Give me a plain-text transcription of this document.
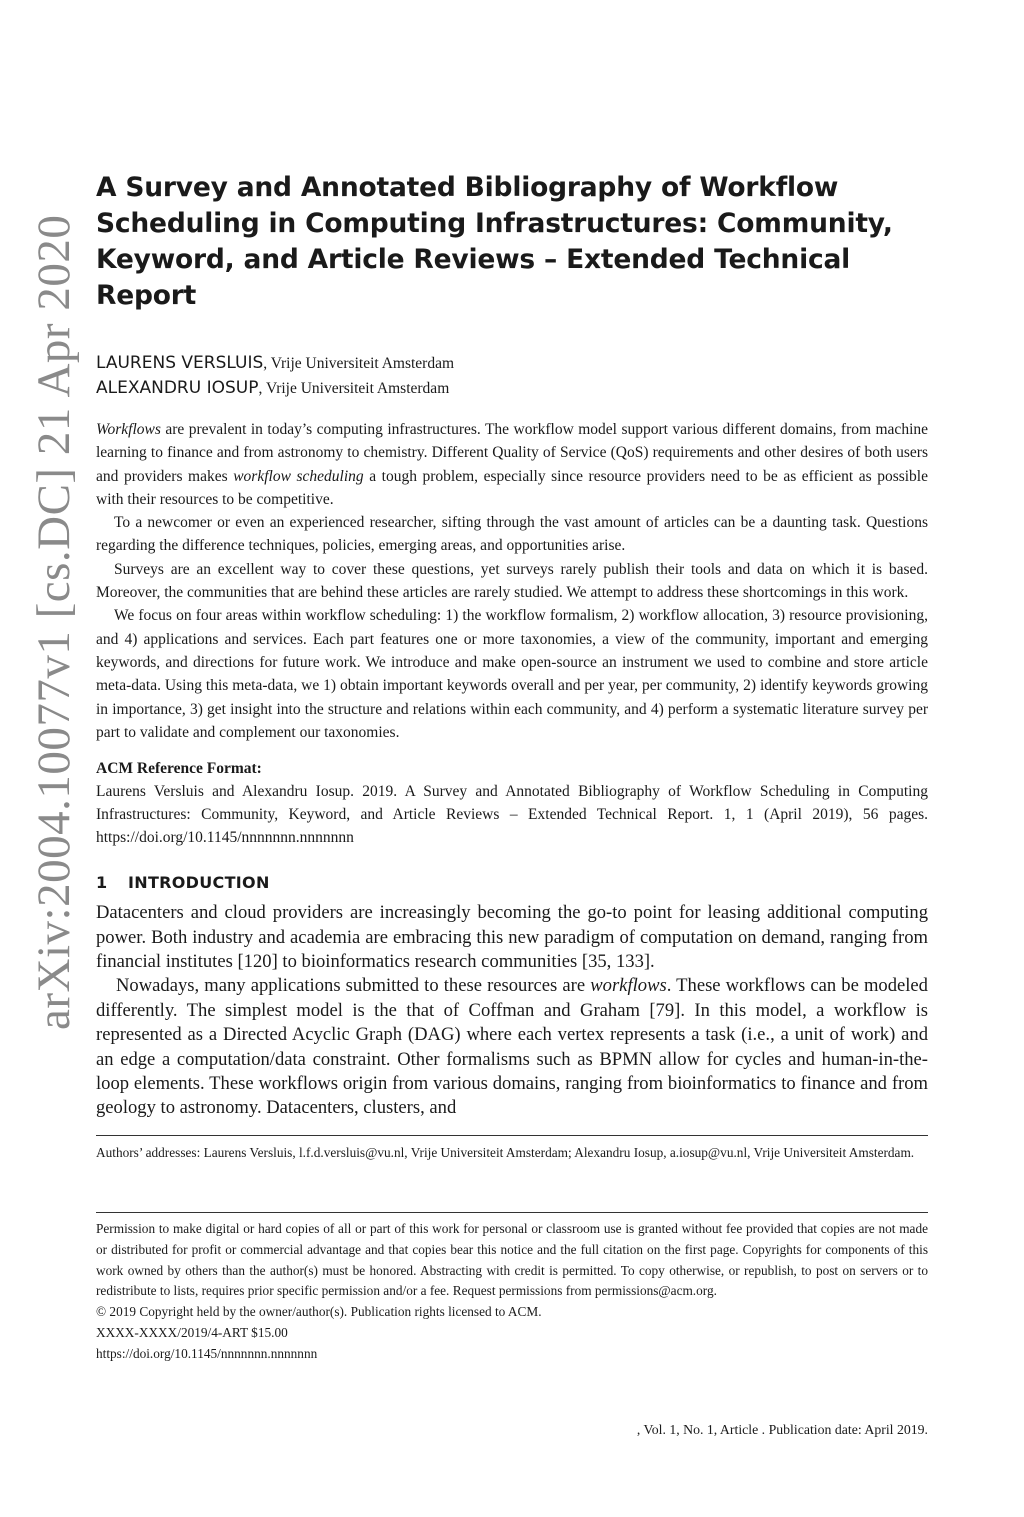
arXiv:2004.10077v1 [cs.DC] 21 Apr 2020
A Survey and Annotated Bibliography of Workflow
Scheduling in Computing Infrastructures: Community,
Keyword, and Article Reviews – Extended Technical Report
LAURENS VERSLUIS, Vrije Universiteit Amsterdam
ALEXANDRU IOSUP, Vrije Universiteit Amsterdam

Workflows are prevalent in today’s computing infrastructures. The workflow model support various different domains, from machine learning to finance and from astronomy to chemistry. Different Quality of Service (QoS) requirements and other desires of both users and providers makes workflow scheduling a tough problem, especially since resource providers need to be as efficient as possible with their resources to be competitive.

To a newcomer or even an experienced researcher, sifting through the vast amount of articles can be a daunting task. Questions regarding the difference techniques, policies, emerging areas, and opportunities arise.

Surveys are an excellent way to cover these questions, yet surveys rarely publish their tools and data on which it is based. Moreover, the communities that are behind these articles are rarely studied. We attempt to address these shortcomings in this work.

We focus on four areas within workflow scheduling: 1) the workflow formalism, 2) workflow allocation, 3) resource provisioning, and 4) applications and services. Each part features one or more taxonomies, a view of the community, important and emerging keywords, and directions for future work. We introduce and make open-source an instrument we used to combine and store article meta-data. Using this meta-data, we 1) obtain important keywords overall and per year, per community, 2) identify keywords growing in importance, 3) get insight into the structure and relations within each community, and 4) perform a systematic literature survey per part to validate and complement our taxonomies.

ACM Reference Format:
Laurens Versluis and Alexandru Iosup. 2019. A Survey and Annotated Bibliography of Workflow Scheduling in Computing Infrastructures: Community, Keyword, and Article Reviews – Extended Technical Report. 1, 1 (April 2019), 56 pages. https://doi.org/10.1145/nnnnnnn.nnnnnnn
1 INTRODUCTION

Datacenters and cloud providers are increasingly becoming the go-to point for leasing additional computing power. Both industry and academia are embracing this new paradigm of computation on demand, ranging from financial institutes [120] to bioinformatics research communities [35, 133].

Nowadays, many applications submitted to these resources are workflows. These workflows can be modeled differently. The simplest model is the that of Coffman and Graham [79]. In this model, a workflow is represented as a Directed Acyclic Graph (DAG) where each vertex represents a task (i.e., a unit of work) and an edge a computation/data constraint. Other formalisms such as BPMN allow for cycles and human-in-the-loop elements. These workflows origin from various domains, ranging from bioinformatics to finance and from geology to astronomy. Datacenters, clusters, and

Authors’ addresses: Laurens Versluis, l.f.d.versluis@vu.nl, Vrije Universiteit Amsterdam; Alexandru Iosup, a.iosup@vu.nl, Vrije Universiteit Amsterdam.
Permission to make digital or hard copies of all or part of this work for personal or classroom use is granted without fee provided that copies are not made or distributed for profit or commercial advantage and that copies bear this notice and the full citation on the first page. Copyrights for components of this work owned by others than the author(s) must be honored. Abstracting with credit is permitted. To copy otherwise, or republish, to post on servers or to redistribute to lists, requires prior specific permission and/or a fee. Request permissions from permissions@acm.org.
© 2019 Copyright held by the owner/author(s). Publication rights licensed to ACM.
XXXX-XXXX/2019/4-ART $15.00
https://doi.org/10.1145/nnnnnnn.nnnnnnn
, Vol. 1, No. 1, Article . Publication date: April 2019.
